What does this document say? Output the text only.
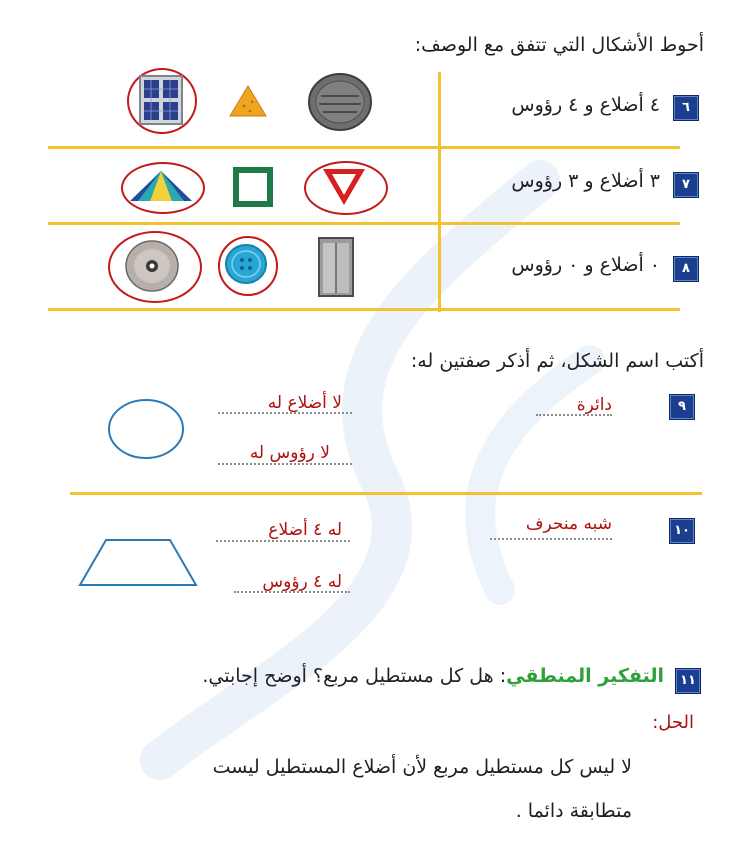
أحوط الأشكال التي تتفق مع الوصف:
٦
٤ أضلاع و ٤ رؤوس
٧
٣ أضلاع و ٣ رؤوس
٨
٠ أضلاع و ٠ رؤوس
أكتب اسم الشكل، ثم أذكر صفتين له:
٩
دائرة
لا أضلاع له
لا رؤوس له
١٠
شبه منحرف
له ٤ أضلاع
له ٤ رؤوس
١١
التفكير المنطقي: هل كل مستطيل مربع؟ أوضح إجابتي.
الحل:
لا ليس كل مستطيل مربع لأن أضلاع المستطيل ليست
متطابقة دائما .
